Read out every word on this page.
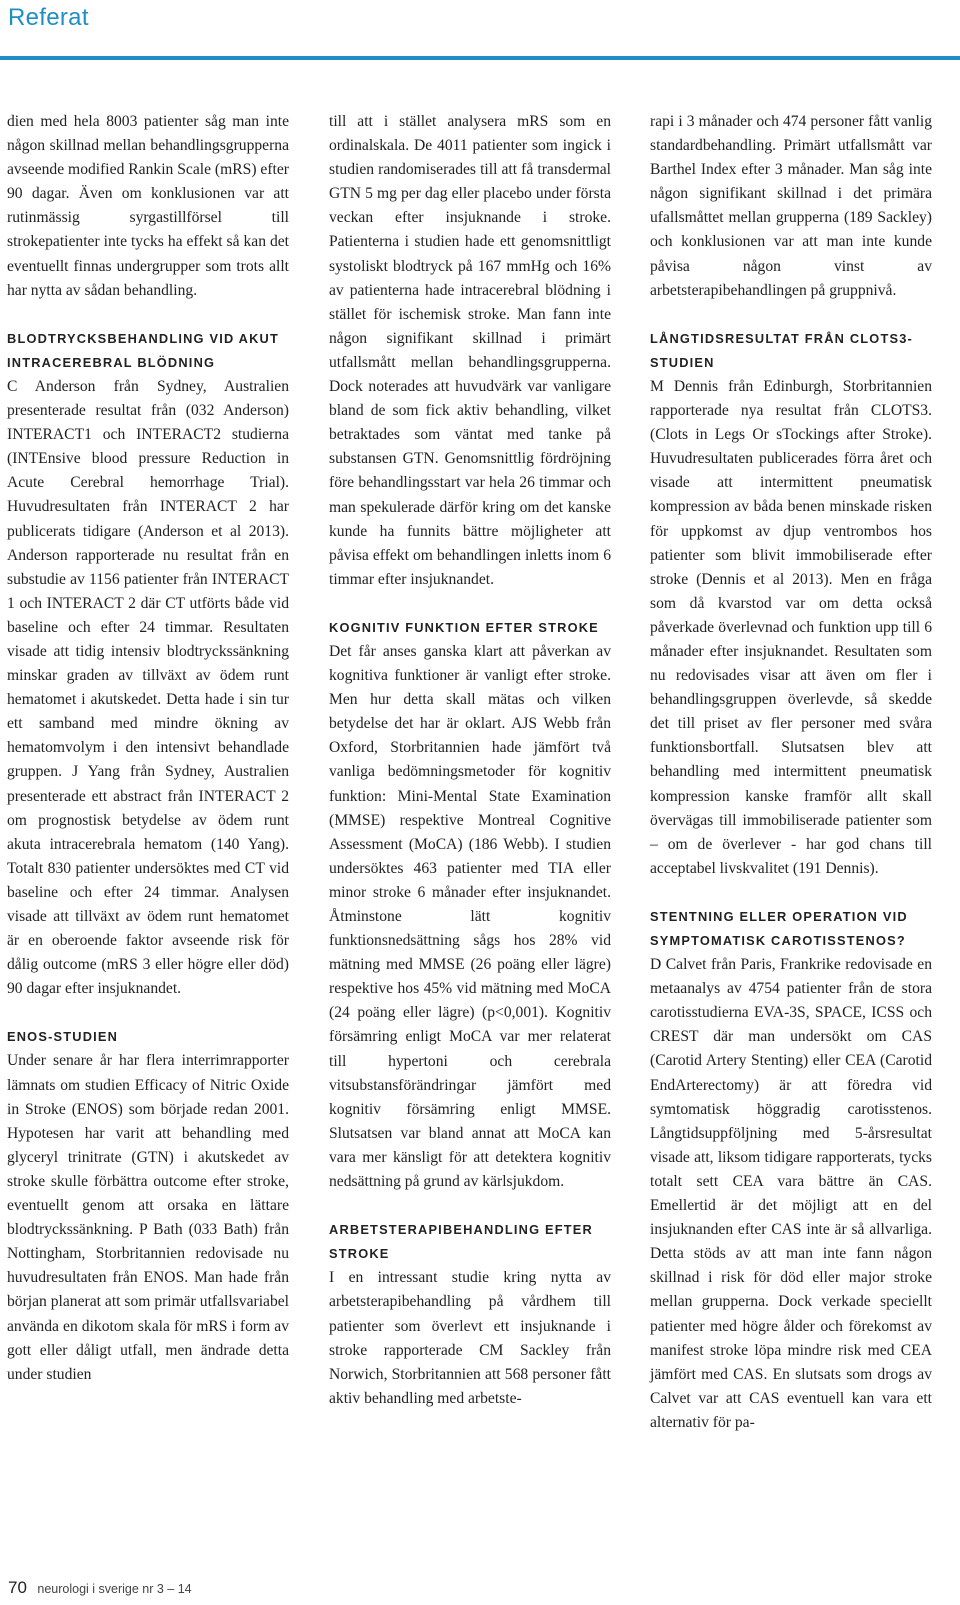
Referat

dien med hela 8003 patienter såg man inte någon skillnad mellan behandlingsgrupperna avseende modified Rankin Scale (mRS) efter 90 dagar. Även om konklusionen var att rutinmässig syrgastillförsel till strokepatienter inte tycks ha effekt så kan det eventuellt finnas undergrupper som trots allt har nytta av sådan behandling.

BLODTRYCKSBEHANDLING VID AKUT INTRACEREBRAL BLÖDNING

C Anderson från Sydney, Australien presenterade resultat från (032 Anderson) INTERACT1 och INTERACT2 studierna (INTEnsive blood pressure Reduction in Acute Cerebral hemorrhage Trial). Huvudresultaten från INTERACT 2 har publicerats tidigare (Anderson et al 2013). Anderson rapporterade nu resultat från en substudie av 1156 patienter från INTERACT 1 och INTERACT 2 där CT utförts både vid baseline och efter 24 timmar. Resultaten visade att tidig intensiv blodtryckssänkning minskar graden av tillväxt av ödem runt hematomet i akutskedet. Detta hade i sin tur ett samband med mindre ökning av hematomvolym i den intensivt behandlade gruppen. J Yang från Sydney, Australien presenterade ett abstract från INTERACT 2 om prognostisk betydelse av ödem runt akuta intracerebrala hematom (140 Yang). Totalt 830 patienter undersöktes med CT vid baseline och efter 24 timmar. Analysen visade att tillväxt av ödem runt hematomet är en oberoende faktor avseende risk för dålig outcome (mRS 3 eller högre eller död) 90 dagar efter insjuknandet.

ENOS-STUDIEN

Under senare år har flera interrimrapporter lämnats om studien Efficacy of Nitric Oxide in Stroke (ENOS) som började redan 2001. Hypotesen har varit att behandling med glyceryl trinitrate (GTN) i akutskedet av stroke skulle förbättra outcome efter stroke, eventuellt genom att orsaka en lättare blodtryckssänkning. P Bath (033 Bath) från Nottingham, Storbritannien redovisade nu huvudresultaten från ENOS. Man hade från början planerat att som primär utfallsvariabel använda en dikotom skala för mRS i form av gott eller dåligt utfall, men ändrade detta under studien

till att i stället analysera mRS som en ordinalskala. De 4011 patienter som ingick i studien randomiserades till att få transdermal GTN 5 mg per dag eller placebo under första veckan efter insjuknande i stroke. Patienterna i studien hade ett genomsnittligt systoliskt blodtryck på 167 mmHg och 16% av patienterna hade intracerebral blödning i stället för ischemisk stroke. Man fann inte någon signifikant skillnad i primärt utfallsmått mellan behandlingsgrupperna. Dock noterades att huvudvärk var vanligare bland de som fick aktiv behandling, vilket betraktades som väntat med tanke på substansen GTN. Genomsnittlig fördröjning före behandlingsstart var hela 26 timmar och man spekulerade därför kring om det kanske kunde ha funnits bättre möjligheter att påvisa effekt om behandlingen inletts inom 6 timmar efter insjuknandet.

KOGNITIV FUNKTION EFTER STROKE

Det får anses ganska klart att påverkan av kognitiva funktioner är vanligt efter stroke. Men hur detta skall mätas och vilken betydelse det har är oklart. AJS Webb från Oxford, Storbritannien hade jämfört två vanliga bedömningsmetoder för kognitiv funktion: Mini-Mental State Examination (MMSE) respektive Montreal Cognitive Assessment (MoCA) (186 Webb). I studien undersöktes 463 patienter med TIA eller minor stroke 6 månader efter insjuknandet. Åtminstone lätt kognitiv funktionsnedsättning sågs hos 28% vid mätning med MMSE (26 poäng eller lägre) respektive hos 45% vid mätning med MoCA (24 poäng eller lägre) (p<0,001). Kognitiv försämring enligt MoCA var mer relaterat till hypertoni och cerebrala vitsubstansförändringar jämfört med kognitiv försämring enligt MMSE. Slutsatsen var bland annat att MoCA kan vara mer känsligt för att detektera kognitiv nedsättning på grund av kärlsjukdom.

ARBETSTERAPIBEHANDLING EFTER STROKE

I en intressant studie kring nytta av arbetsterapibehandling på vårdhem till patienter som överlevt ett insjuknande i stroke rapporterade CM Sackley från Norwich, Storbritannien att 568 personer fått aktiv behandling med arbetste-

rapi i 3 månader och 474 personer fått vanlig standardbehandling. Primärt utfallsmått var Barthel Index efter 3 månader. Man såg inte någon signifikant skillnad i det primära ufallsmåttet mellan grupperna (189 Sackley) och konklusionen var att man inte kunde påvisa någon vinst av arbetsterapibehandlingen på gruppnivå.

LÅNGTIDSRESULTAT FRÅN CLOTS3-STUDIEN

M Dennis från Edinburgh, Storbritannien rapporterade nya resultat från CLOTS3. (Clots in Legs Or sTockings after Stroke). Huvudresultaten publicerades förra året och visade att intermittent pneumatisk kompression av båda benen minskade risken för uppkomst av djup ventrombos hos patienter som blivit immobiliserade efter stroke (Dennis et al 2013). Men en fråga som då kvarstod var om detta också påverkade överlevnad och funktion upp till 6 månader efter insjuknandet. Resultaten som nu redovisades visar att även om fler i behandlingsgruppen överlevde, så skedde det till priset av fler personer med svåra funktionsbortfall. Slutsatsen blev att behandling med intermittent pneumatisk kompression kanske framför allt skall övervägas till immobiliserade patienter som – om de överlever - har god chans till acceptabel livskvalitet (191 Dennis).

STENTNING ELLER OPERATION VID SYMPTOMATISK CAROTISSTENOS?

D Calvet från Paris, Frankrike redovisade en metaanalys av 4754 patienter från de stora carotisstudierna EVA-3S, SPACE, ICSS och CREST där man undersökt om CAS (Carotid Artery Stenting) eller CEA (Carotid EndArterectomy) är att föredra vid symtomatisk höggradig carotisstenos. Långtidsuppföljning med 5-årsresultat visade att, liksom tidigare rapporterats, tycks totalt sett CEA vara bättre än CAS. Emellertid är det möjligt att en del insjuknanden efter CAS inte är så allvarliga. Detta stöds av att man inte fann någon skillnad i risk för död eller major stroke mellan grupperna. Dock verkade speciellt patienter med högre ålder och förekomst av manifest stroke löpa mindre risk med CEA jämfört med CAS. En slutsats som drogs av Calvet var att CAS eventuell kan vara ett alternativ för pa-

70 neurologi i sverige nr 3 – 14
